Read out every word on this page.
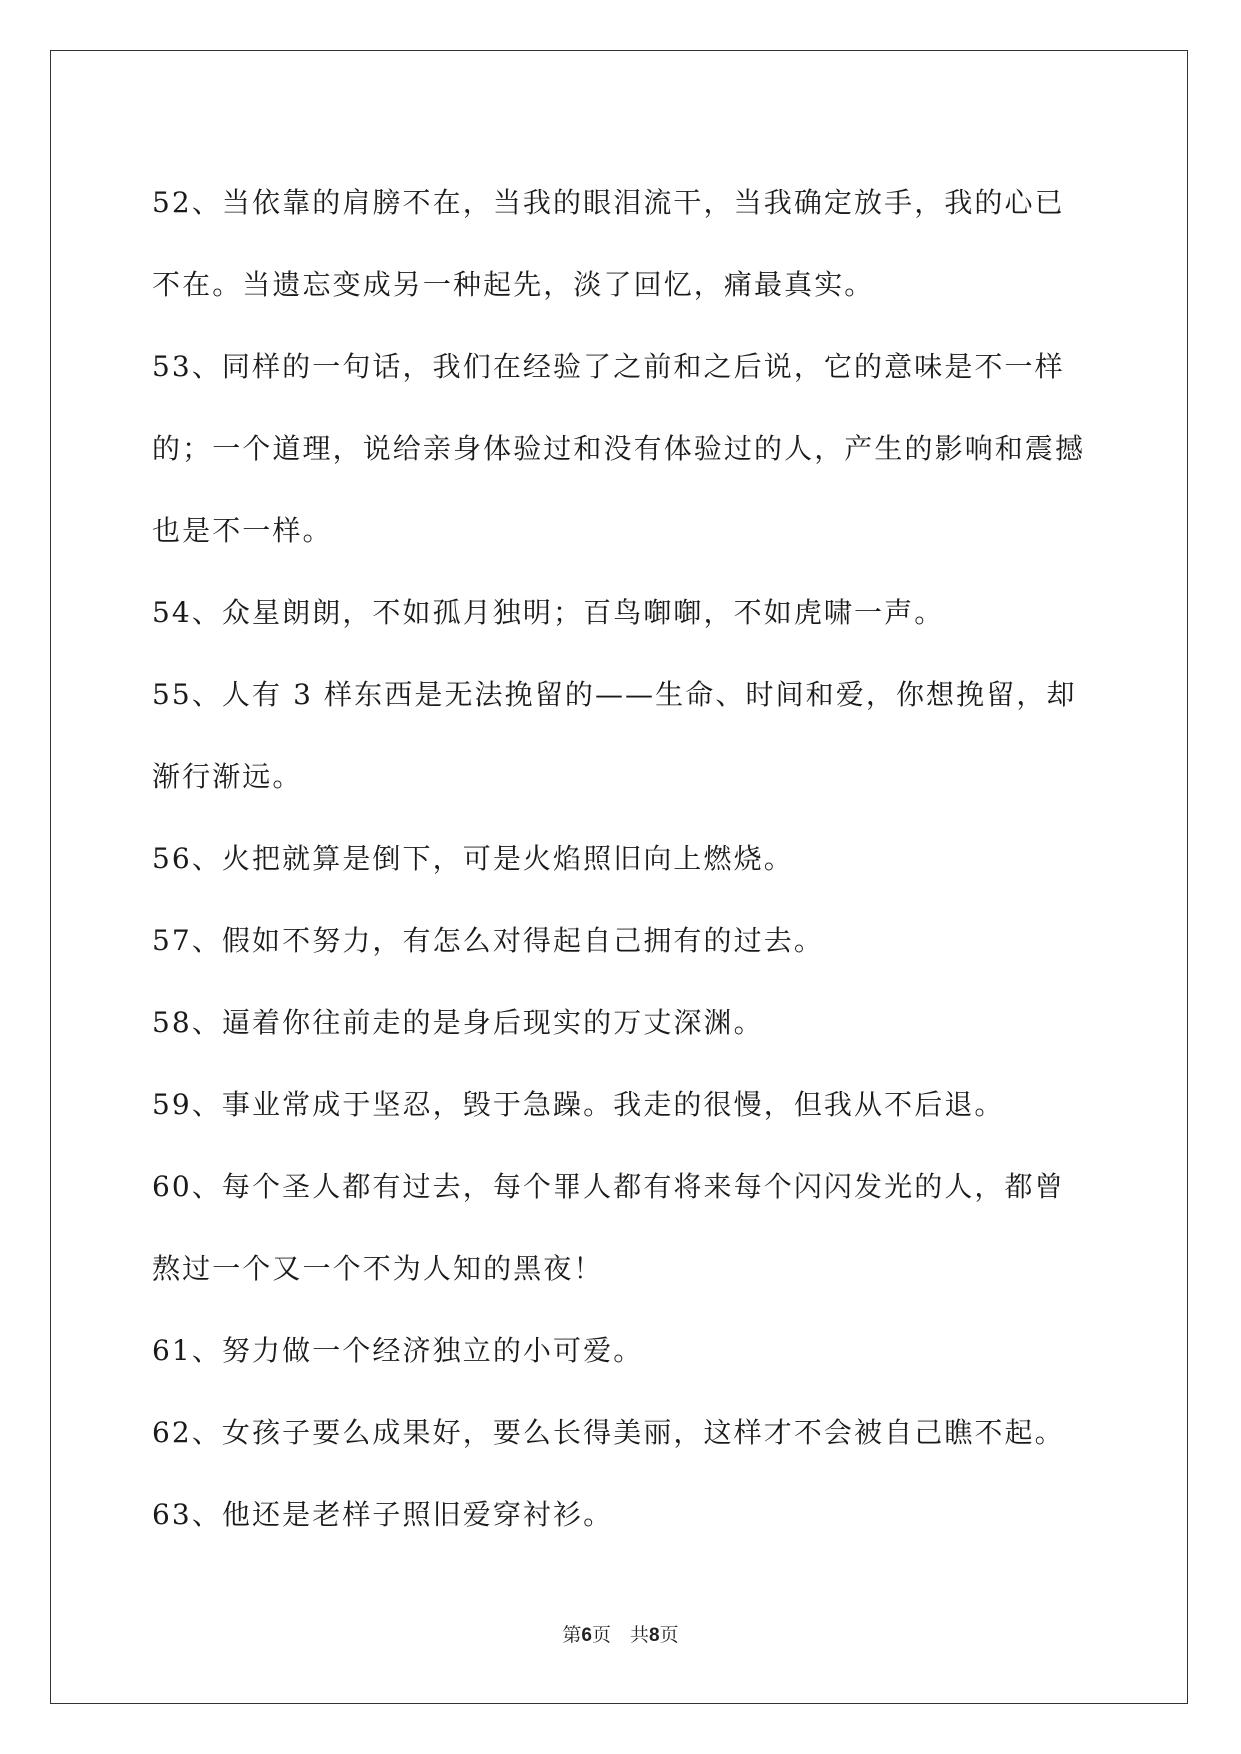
52、当依靠的肩膀不在，当我的眼泪流干，当我确定放手，我的心已不在。当遗忘变成另一种起先，淡了回忆，痛最真实。

53、同样的一句话，我们在经验了之前和之后说，它的意味是不一样的；一个道理，说给亲身体验过和没有体验过的人，产生的影响和震撼也是不一样。

54、众星朗朗，不如孤月独明；百鸟啣啣，不如虎啸一声。

55、人有 3 样东西是无法挽留的——生命、时间和爱，你想挽留，却渐行渐远。

56、火把就算是倒下，可是火焰照旧向上燃烧。

57、假如不努力，有怎么对得起自己拥有的过去。

58、逼着你往前走的是身后现实的万丈深渊。

59、事业常成于坚忍，毁于急躁。我走的很慢，但我从不后退。

60、每个圣人都有过去，每个罪人都有将来每个闪闪发光的人，都曾熬过一个又一个不为人知的黑夜！

61、努力做一个经济独立的小可爱。

62、女孩子要么成果好，要么长得美丽，这样才不会被自己瞧不起。

63、他还是老样子照旧爱穿衬衫。

第6页　共8页
